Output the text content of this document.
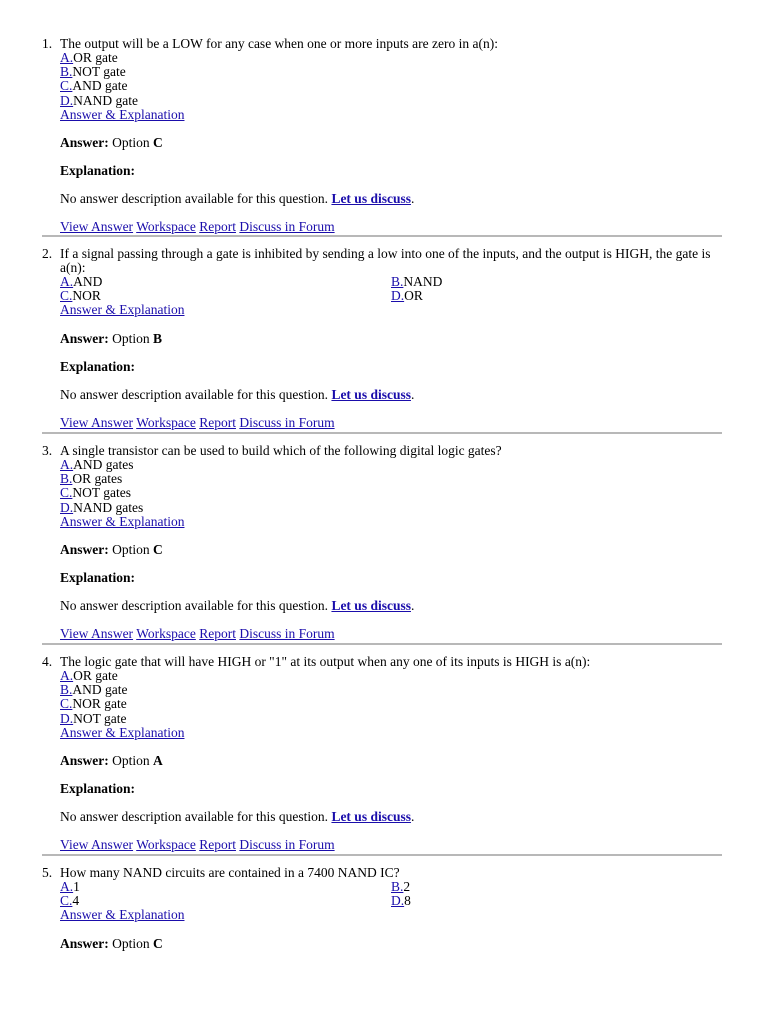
1. The output will be a LOW for any case when one or more inputs are zero in a(n):
A.OR gate
B.NOT gate
C.AND gate
D.NAND gate
Answer & Explanation
Answer: Option C
Explanation:
No answer description available for this question. Let us discuss.
View Answer Workspace Report Discuss in Forum
2. If a signal passing through a gate is inhibited by sending a low into one of the inputs, and the output is HIGH, the gate is a(n):
A.AND	B.NAND
C.NOR	D.OR
Answer & Explanation
Answer: Option B
Explanation:
No answer description available for this question. Let us discuss.
View Answer Workspace Report Discuss in Forum
3. A single transistor can be used to build which of the following digital logic gates?
A.AND gates
B.OR gates
C.NOT gates
D.NAND gates
Answer & Explanation
Answer: Option C
Explanation:
No answer description available for this question. Let us discuss.
View Answer Workspace Report Discuss in Forum
4. The logic gate that will have HIGH or "1" at its output when any one of its inputs is HIGH is a(n):
A.OR gate
B.AND gate
C.NOR gate
D.NOT gate
Answer & Explanation
Answer: Option A
Explanation:
No answer description available for this question. Let us discuss.
View Answer Workspace Report Discuss in Forum
5. How many NAND circuits are contained in a 7400 NAND IC?
A.1	B.2
C.4	D.8
Answer & Explanation
Answer: Option C
